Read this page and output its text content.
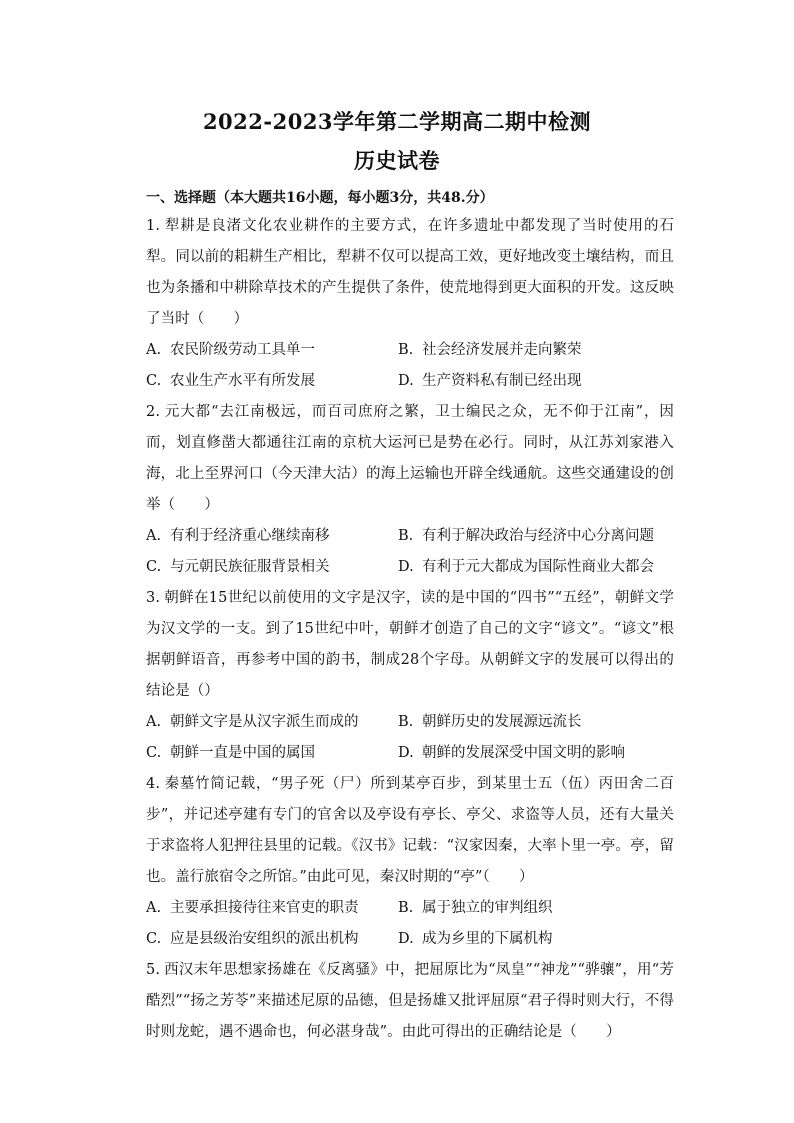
2022-2023学年第二学期高二期中检测
历史试卷

一、选择题（本大题共16小题，每小题3分，共48.分）

1. 犁耕是良渚文化农业耕作的主要方式，在许多遗址中都发现了当时使用的石犁。同以前的耜耕生产相比，犁耕不仅可以提高工效，更好地改变土壤结构，而且也为条播和中耕除草技术的产生提供了条件，使荒地得到更大面积的开发。这反映了当时（　　）

A. 农民阶级劳动工具单一	B. 社会经济发展并走向繁荣
C. 农业生产水平有所发展	D. 生产资料私有制已经出现

2. 元大都“去江南极远，而百司庶府之繁，卫士编民之众，无不仰于江南”，因而，划直修凿大都通往江南的京杭大运河已是势在必行。同时，从江苏刘家港入海，北上至界河口（今天津大沽）的海上运输也开辟全线通航。这些交通建设的创举（　　）

A. 有利于经济重心继续南移	B. 有利于解决政治与经济中心分离问题
C. 与元朝民族征服背景相关	D. 有利于元大都成为国际性商业大都会

3. 朝鲜在15世纪以前使用的文字是汉字，读的是中国的“四书”“五经”，朝鲜文学为汉文学的一支。到了15世纪中叶，朝鲜才创造了自己的文字“谚文”。“谚文”根据朝鲜语音，再参考中国的韵书，制成28个字母。从朝鲜文字的发展可以得出的结论是（）

A. 朝鲜文字是从汉字派生而成的	B. 朝鲜历史的发展源远流长
C. 朝鲜一直是中国的属国	D. 朝鲜的发展深受中国文明的影响

4. 秦墓竹简记载，“男子死（尸）所到某亭百步，到某里士五（伍）丙田舍二百步”，并记述亭建有专门的官舍以及亭设有亭长、亭父、求盗等人员，还有大量关于求盗将人犯押往县里的记载。《汉书》记载：“汉家因秦，大率卜里一亭。亭，留也。盖行旅宿令之所馆。”由此可见，秦汉时期的“亭”（　　）

A. 主要承担接待往来官吏的职责	B. 属于独立的审判组织
C. 应是县级治安组织的派出机构	D. 成为乡里的下属机构

5. 西汉末年思想家扬雄在《反离骚》中，把屈原比为“凤皇”“神龙”“骅骧”，用“芳酷烈”“扬之芳苓”来描述尼原的品德，但是扬雄又批评屈原“君子得时则大行，不得时则龙蛇，遇不遇命也，何必湛身哉”。由此可得出的正确结论是（　　）
